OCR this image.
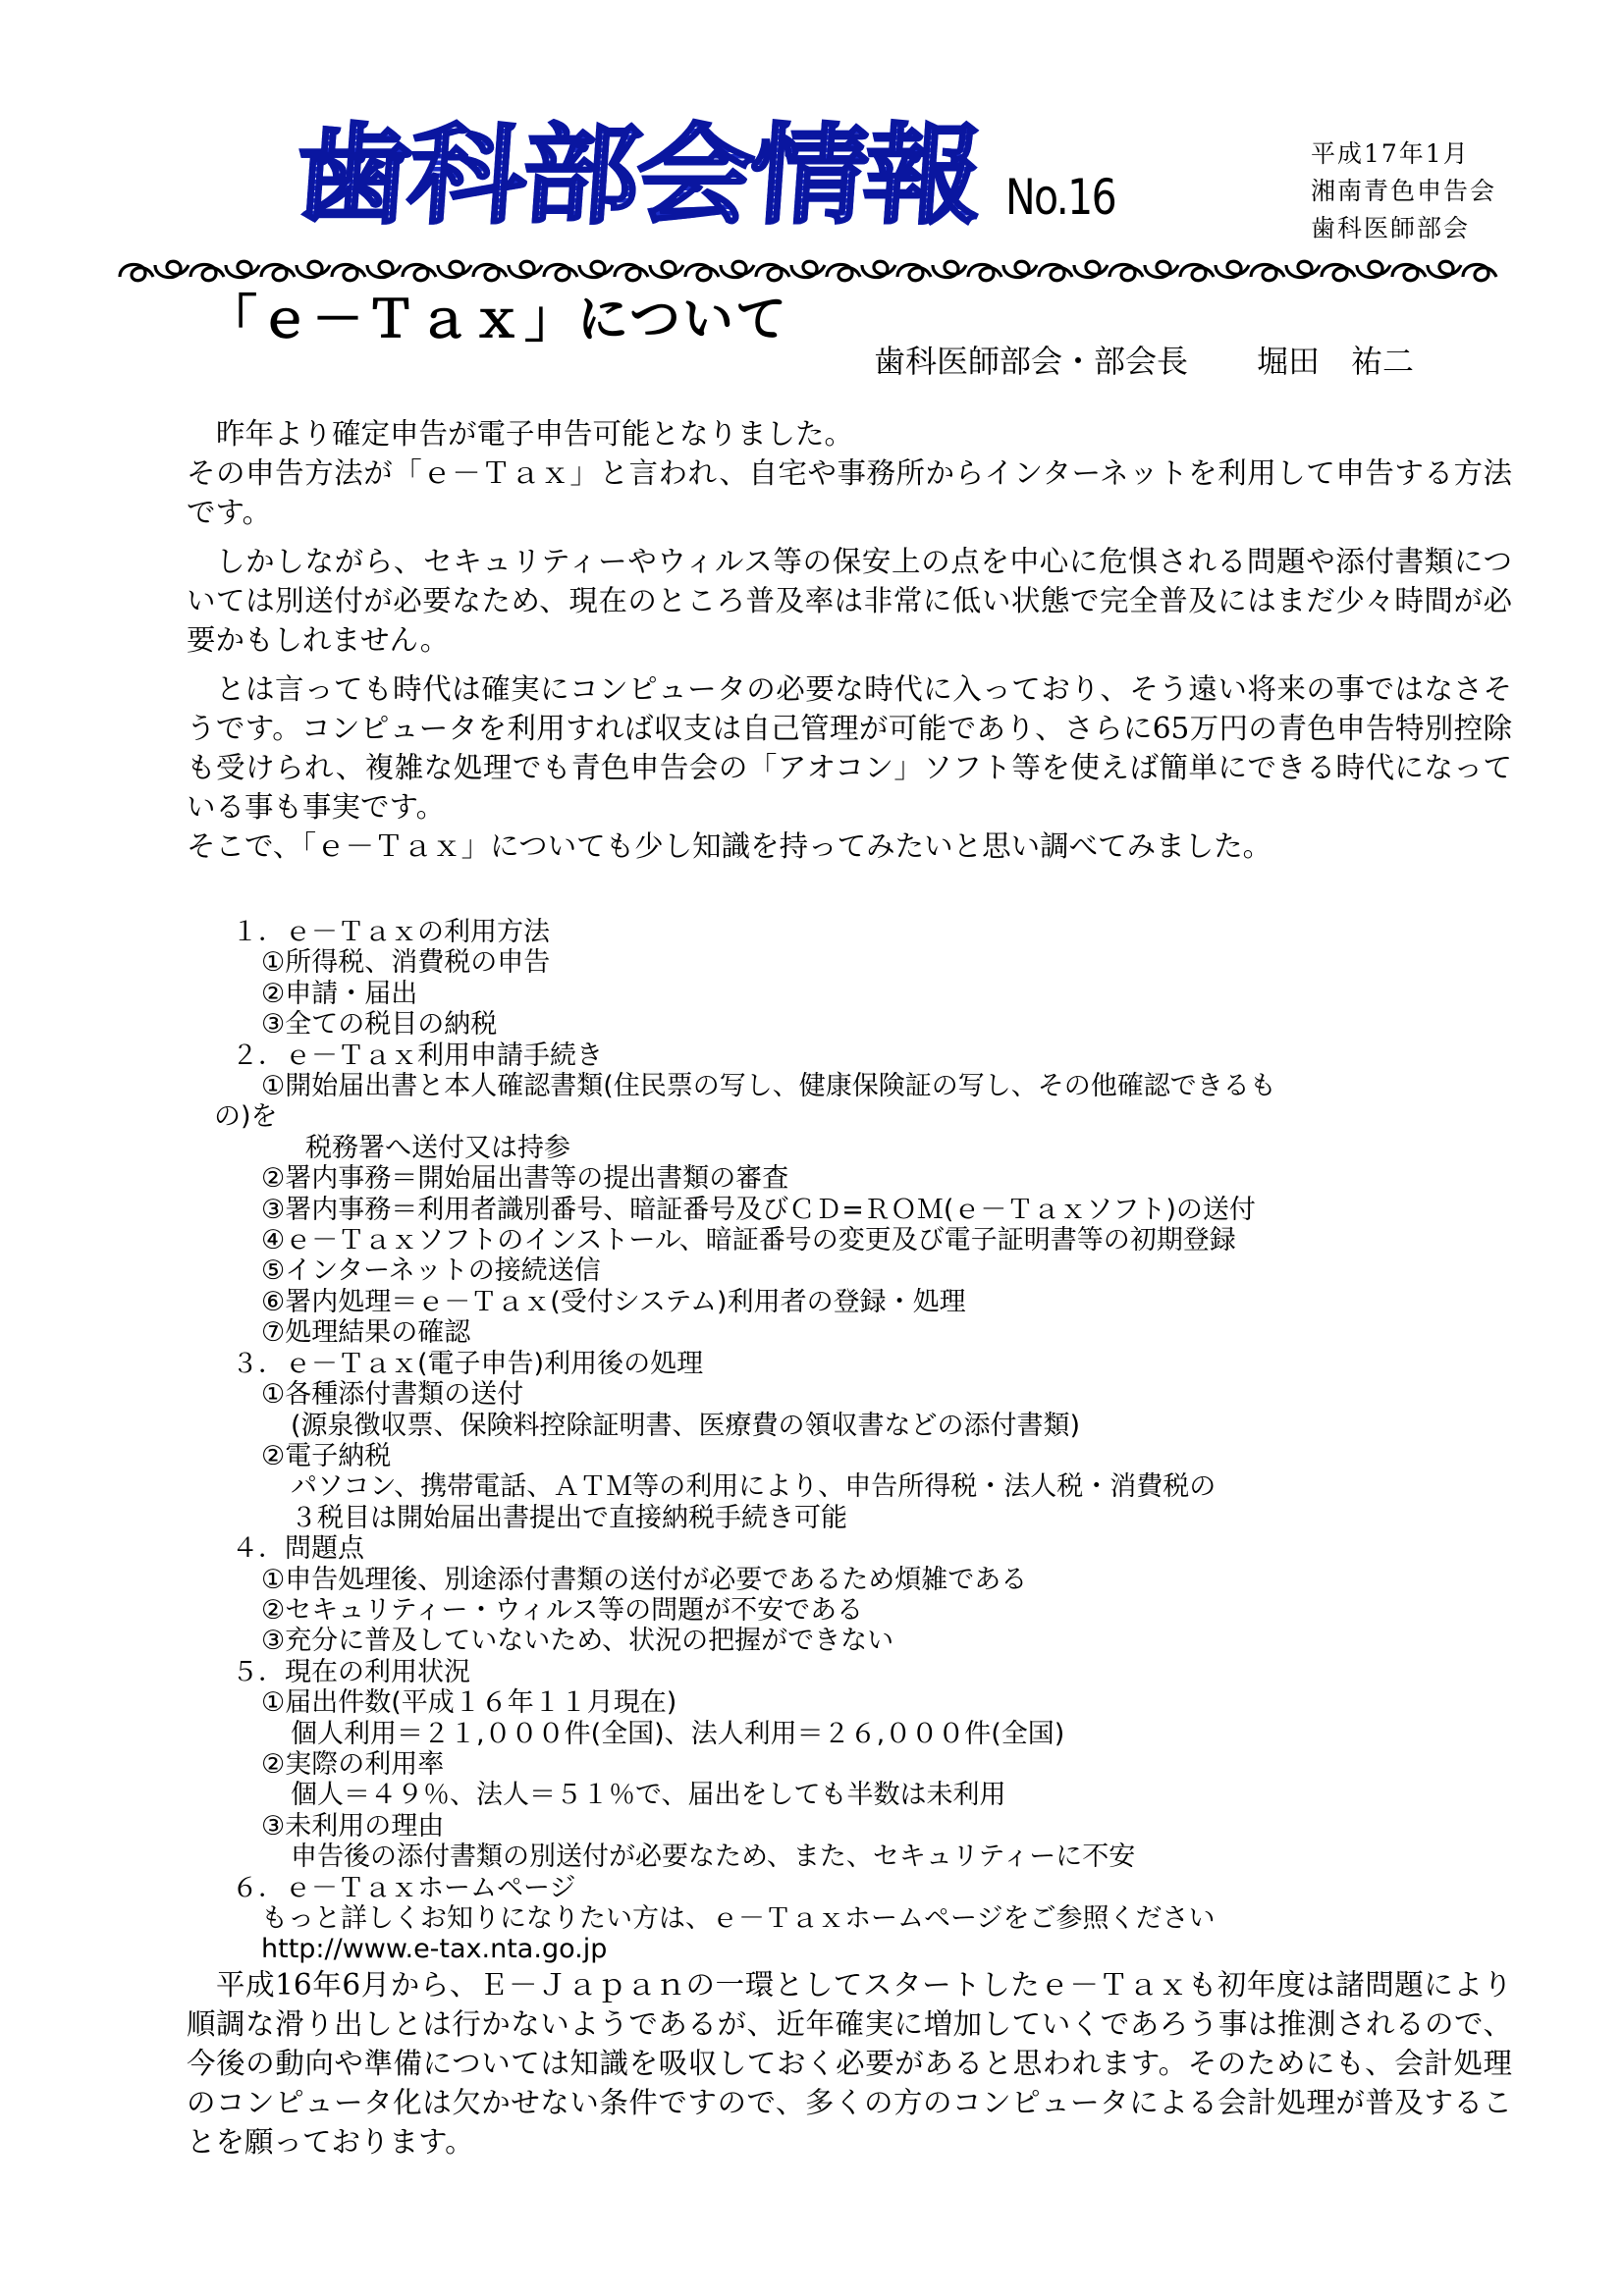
歯科部会情報 No.16
平成17年1月
湘南青色申告会
歯科医師部会
「ｅ－Ｔａｘ」について
歯科医師部会・部会長 堀田　祐二

昨年より確定申告が電子申告可能となりました。

その申告方法が「ｅ－Ｔａｘ」と言われ、自宅や事務所からインターネットを利用して申告する方法です。

しかしながら、セキュリティーやウィルス等の保安上の点を中心に危惧される問題や添付書類については別送付が必要なため、現在のところ普及率は非常に低い状態で完全普及にはまだ少々時間が必要かもしれません。

とは言っても時代は確実にコンピュータの必要な時代に入っており、そう遠い将来の事ではなさそうです。コンピュータを利用すれば収支は自己管理が可能であり、さらに65万円の青色申告特別控除も受けられ、複雑な処理でも青色申告会の「アオコン」ソフト等を使えば簡単にできる時代になっている事も事実です。

そこで、「ｅ－Ｔａｘ」についても少し知識を持ってみたいと思い調べてみました。

１．ｅ－Ｔａｘの利用方法
①所得税、消費税の申告
②申請・届出
③全ての税目の納税
２．ｅ－Ｔａｘ利用申請手続き
①開始届出書と本人確認書類(住民票の写し、健康保険証の写し、その他確認できるも
の)を
税務署へ送付又は持参
②署内事務＝開始届出書等の提出書類の審査
③署内事務＝利用者識別番号、暗証番号及びＣＤ=ＲＯＭ(ｅ－Ｔａｘソフト)の送付
④ｅ－Ｔａｘソフトのインストール、暗証番号の変更及び電子証明書等の初期登録
⑤インターネットの接続送信
⑥署内処理＝ｅ－Ｔａｘ(受付システム)利用者の登録・処理
⑦処理結果の確認
３．ｅ－Ｔａｘ(電子申告)利用後の処理
①各種添付書類の送付
(源泉徴収票、保険料控除証明書、医療費の領収書などの添付書類)
②電子納税
パソコン、携帯電話、ＡＴＭ等の利用により、申告所得税・法人税・消費税の
３税目は開始届出書提出で直接納税手続き可能
４．問題点
①申告処理後、別途添付書類の送付が必要であるため煩雑である
②セキュリティー・ウィルス等の問題が不安である
③充分に普及していないため、状況の把握ができない
５．現在の利用状況
①届出件数(平成１６年１１月現在)
個人利用＝２１,０００件(全国)、法人利用＝２６,０００件(全国)
②実際の利用率
個人＝４９％、法人＝５１％で、届出をしても半数は未利用
③未利用の理由
申告後の添付書類の別送付が必要なため、また、セキュリティーに不安
６．ｅ－Ｔａｘホームページ
もっと詳しくお知りになりたい方は、ｅ－Ｔａｘホームページをご参照ください
http://www.e-tax.nta.go.jp

平成16年6月から、Ｅ－Ｊａｐａｎの一環としてスタートしたｅ－Ｔａｘも初年度は諸問題により順調な滑り出しとは行かないようであるが、近年確実に増加していくであろう事は推測されるので、今後の動向や準備については知識を吸収しておく必要があると思われます。そのためにも、会計処理のコンピュータ化は欠かせない条件ですので、多くの方のコンピュータによる会計処理が普及することを願っております。
